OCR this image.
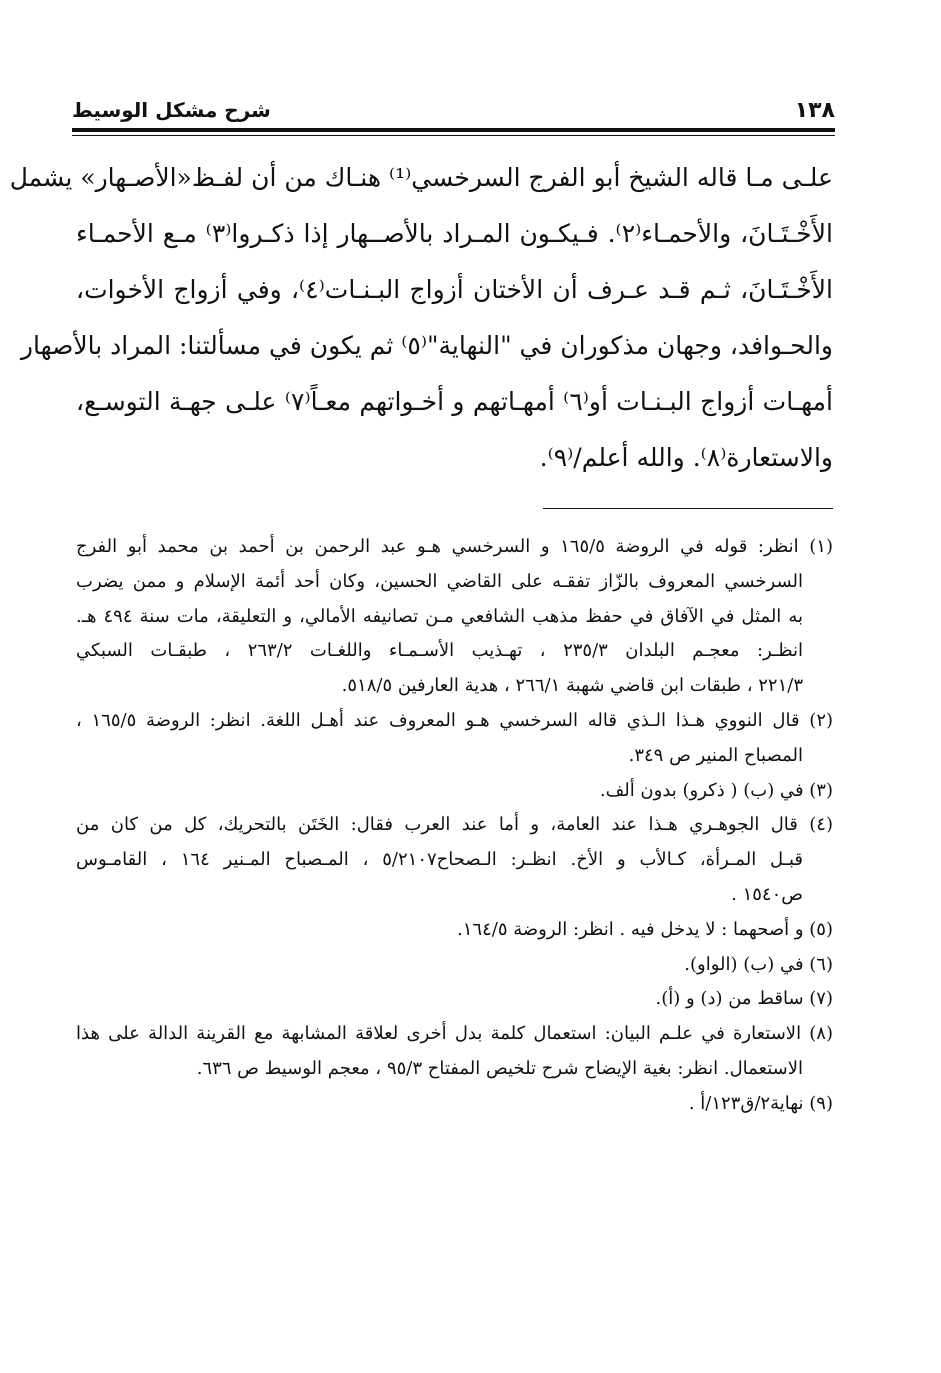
١٣٨
شرح مشكل الوسيط
علـى مـا قاله الشيخ أبو الفرج السرخسي⁽¹⁾ هنـاك من أن لفـظ«الأصـهار» يشمل
الأَخْـتَـانَ، والأحمـاء⁽٢⁾. فـيكـون المـراد بالأصــهار إذا ذكـروا⁽٣⁾ مـع الأحمـاء
الأَخْـتَـانَ، ثـم قـد عـرف أن الأختان أزواج البـنـات⁽٤⁾، وفي أزواج الأخوات،
والحـوافد، وجهان مذكوران في "النهاية"⁽٥⁾ ثم يكون في مسألتنا: المراد بالأصهار
أمهـات أزواج البـنـات أو⁽٦⁾ أمهـاتهم و أخـواتهم معـاً⁽٧⁾ علـى جهـة التوسـع،
والاستعارة⁽٨⁾. والله أعلم/⁽٩⁾.
(١) انظر: قوله في الروضة ١٦٥/٥ و السرخسي هـو عبد الرحمن بن أحمد بن محمد أبو الفرج
السرخسي المعروف بالزّاز تفقـه على القاضي الحسين، وكان أحد أئمة الإسلام و ممن يضرب
به المثل في الآفاق في حفظ مذهب الشافعي مـن تصانيفه الأمالي، و التعليقة، مات سنة ٤٩٤ هـ.
انظـر: معجـم البلدان ٢٣٥/٣ ، تهـذيب الأسـمـاء واللغـات ٢٦٣/٢ ، طبقـات السبكي
٢٢١/٣ ، طبقات ابن قاضي شهبة ٢٦٦/١ ، هدية العارفين ٥١٨/٥.
(٢) قال النووي هـذا الـذي قاله السرخسي هـو المعروف عند أهـل اللغة. انظر: الروضة ١٦٥/٥ ،
المصباح المنير ص ٣٤٩.
(٣) في (ب) ( ذكرو) بدون ألف.
(٤) قال الجوهـري هـذا عند العامة، و أما عند العرب فقال: الخَتَن بالتحريك، كل من كان من
قبـل المـرأة، كـالأب و الأخ. انظـر: الـصحاح٥/٢١٠٧ ، المـصباح المـنير ١٦٤ ، القامـوس
ص١٥٤٠ .
(٥) و أصحهما : لا يدخل فيه . انظر: الروضة ١٦٤/٥.
(٦) في (ب) (الواو).
(٧) ساقط من (د) و (أ).
(٨) الاستعارة في علـم البيان: استعمال كلمة بدل أخرى لعلاقة المشابهة مع القرينة الدالة على هذا
الاستعمال. انظر: بغية الإيضاح شرح تلخيص المفتاح ٩٥/٣ ، معجم الوسيط ص ٦٣٦.
(٩) نهاية٢/ق١٢٣/أ .
